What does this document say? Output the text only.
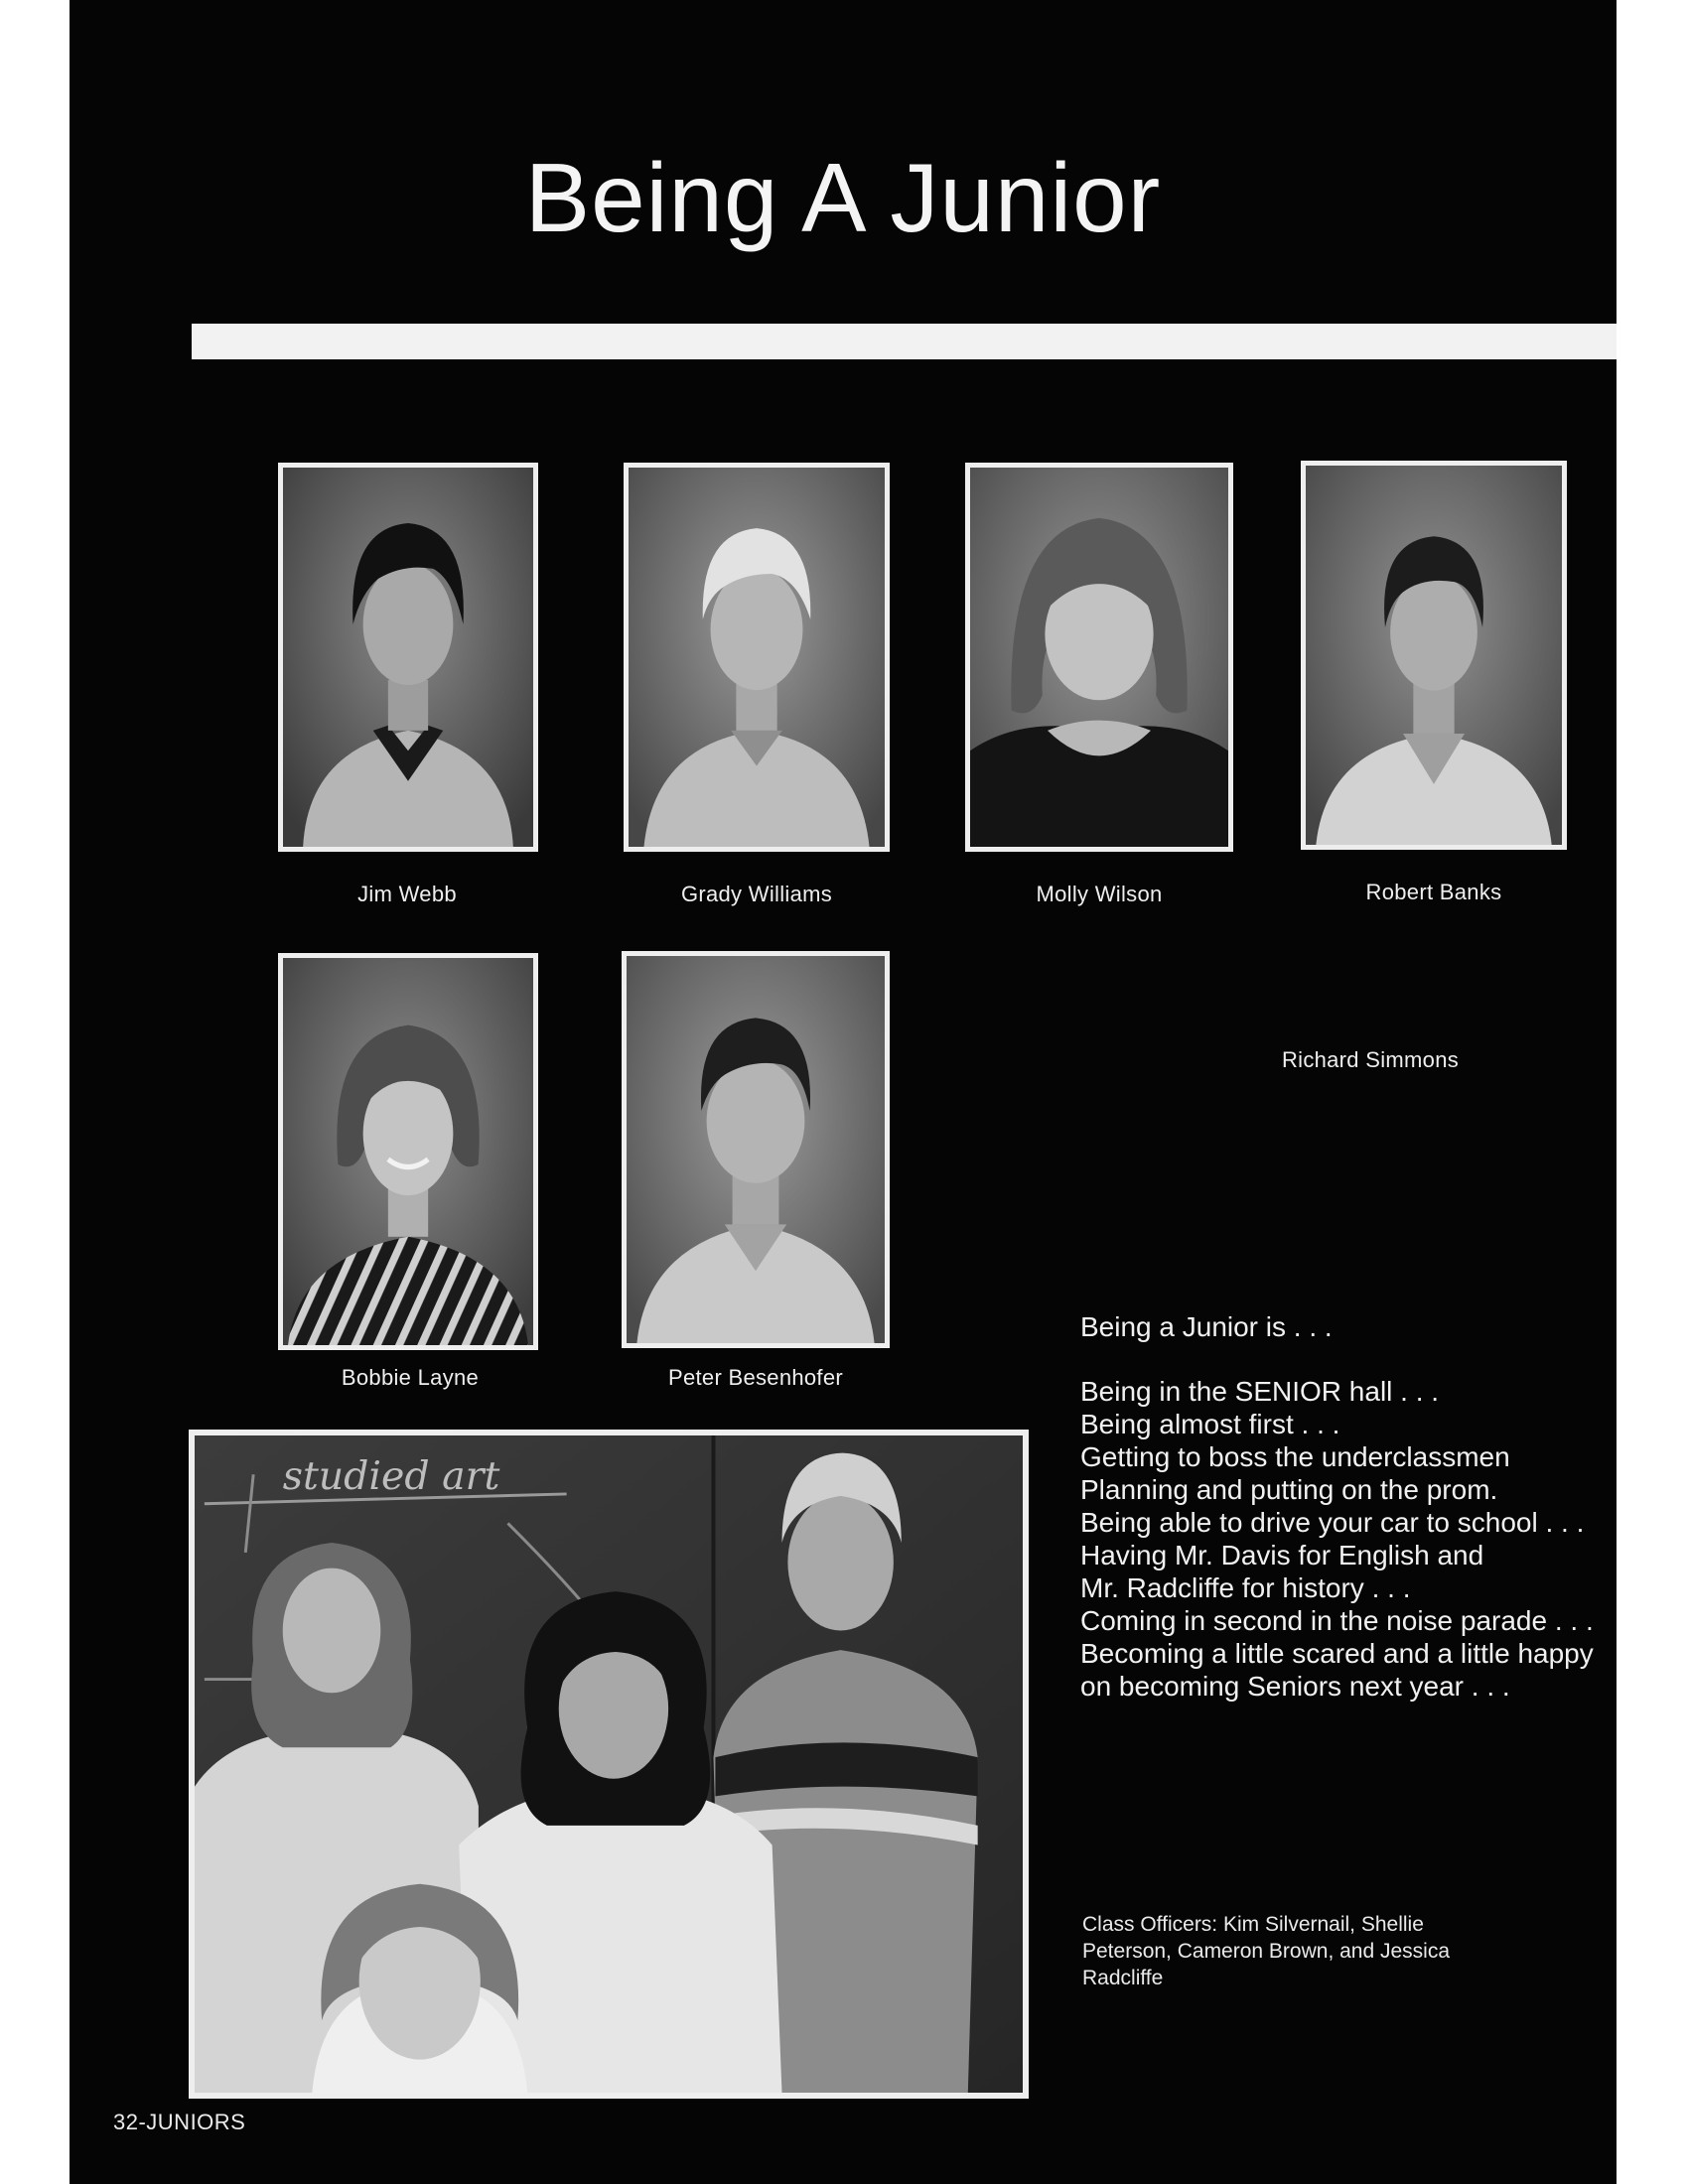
Being A Junior
Jim Webb	Grady Williams	Molly Wilson	Robert Banks
Bobbie Layne	Peter Besenhofer
Richard Simmons
Being a Junior is . . .
Being in the SENIOR hall . . .
Being almost first . . .
Getting to boss the underclassmen
Planning and putting on the prom.
Being able to drive your car to school . . .
Having Mr. Davis for English and
Mr. Radcliffe for history . . .
Coming in second in the noise parade . . .
Becoming a little scared and a little happy
on becoming Seniors next year . . .
studied art
Class Officers: Kim Silvernail, Shellie Peterson, Cameron Brown, and Jessica Radcliffe
32-JUNIORS
